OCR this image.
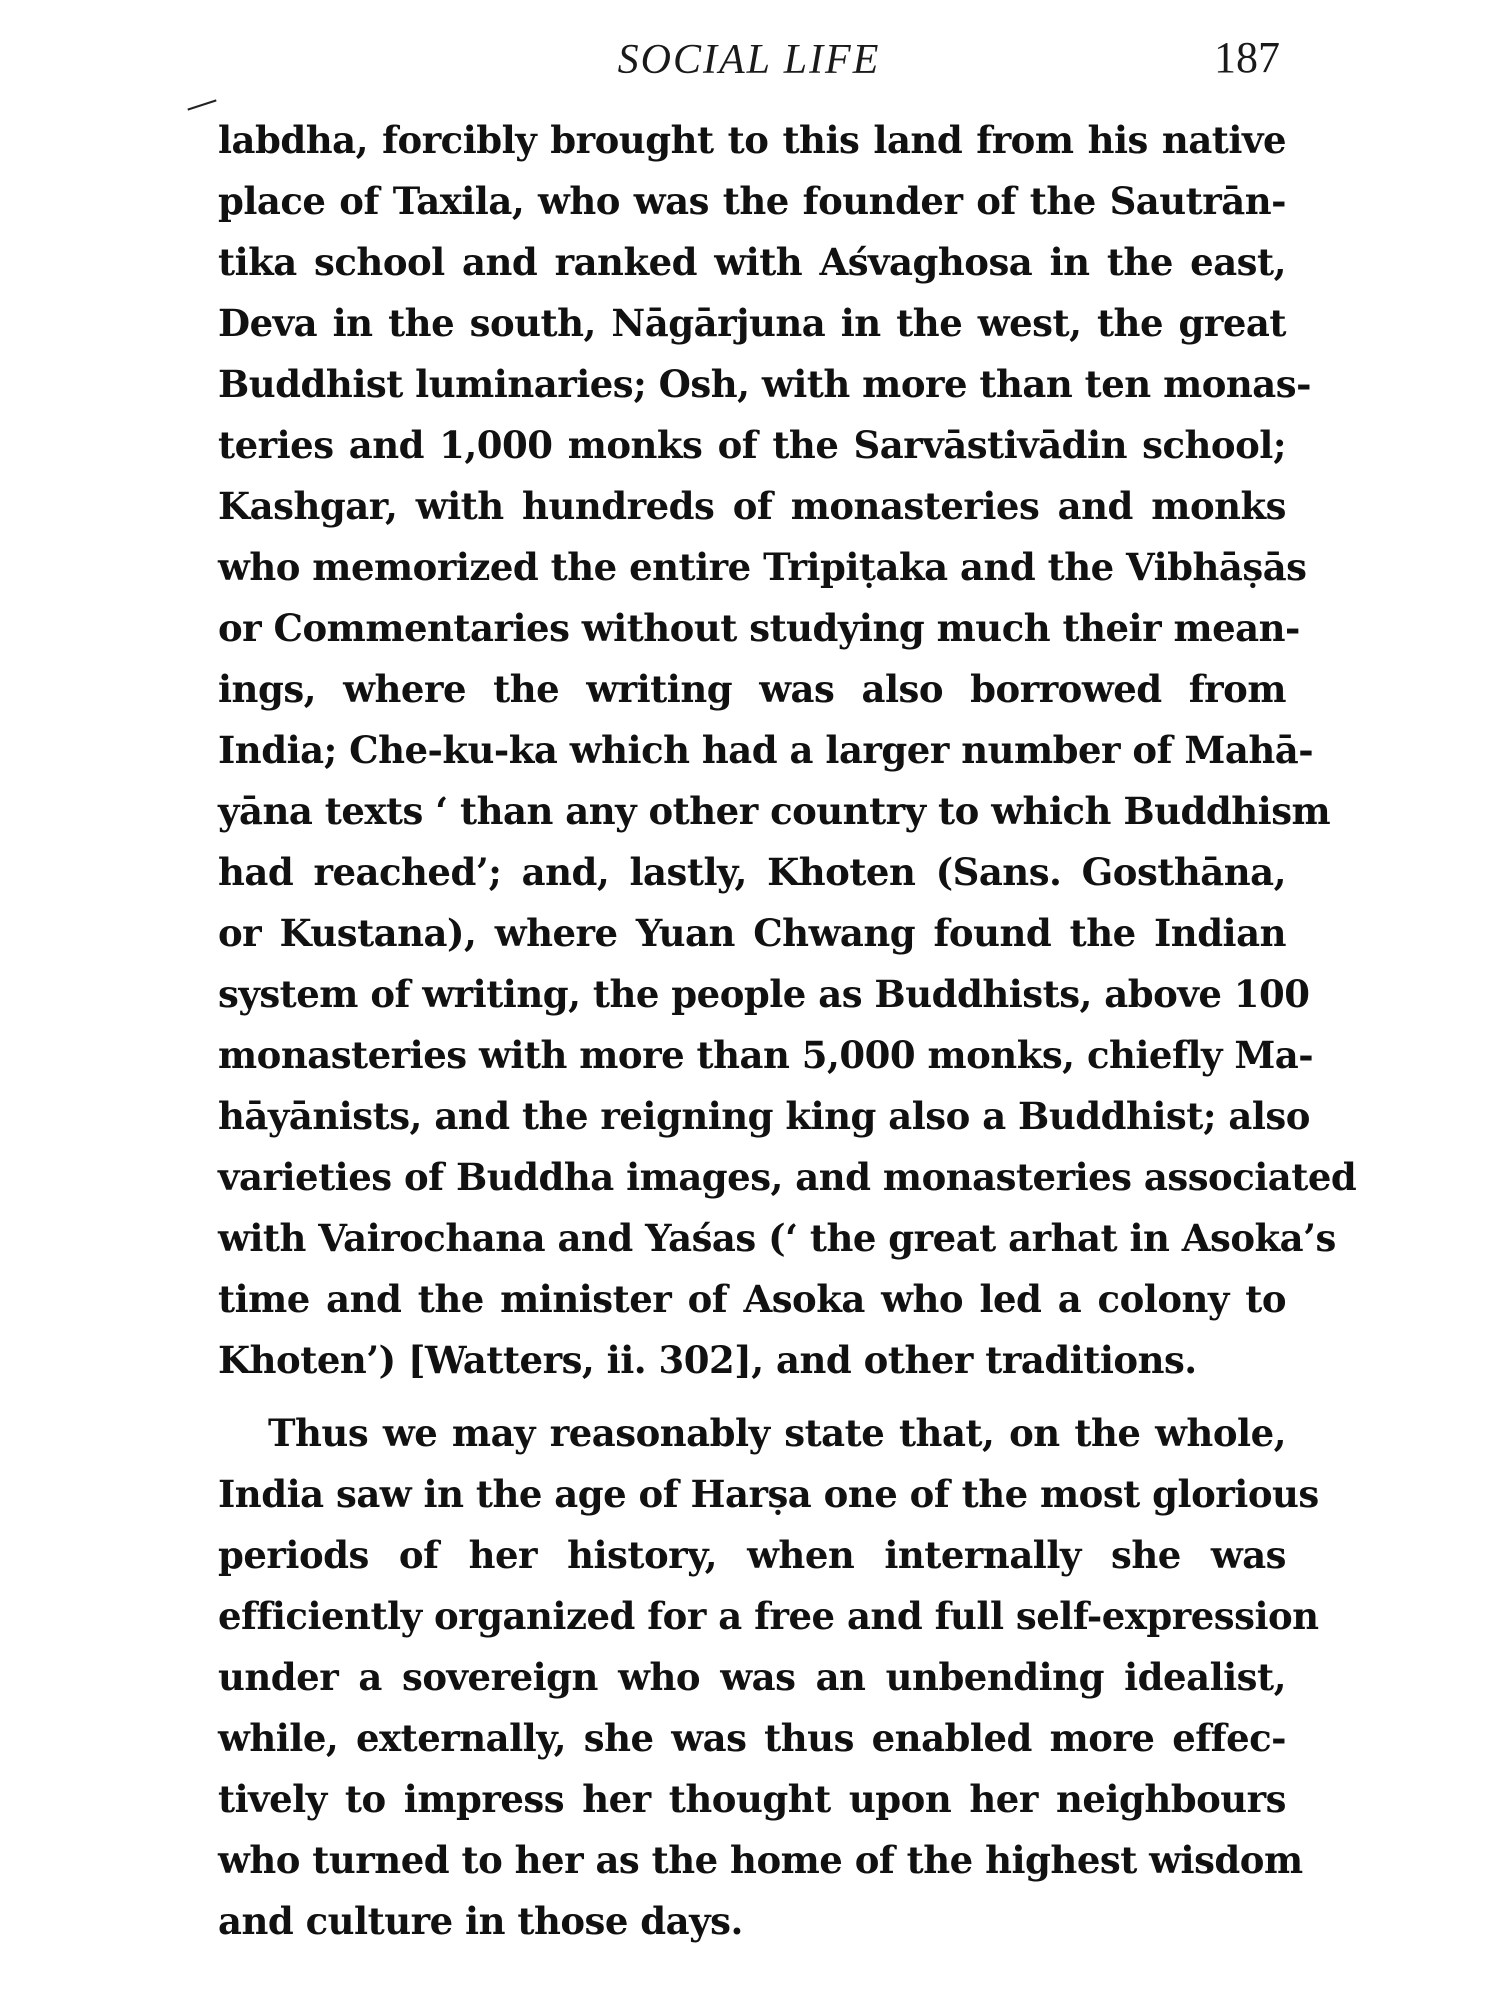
SOCIAL LIFE	187
labdha, forcibly brought to this land from his native
place of Taxila, who was the founder of the Sautrān-
tika school and ranked with Aśvaghosa in the east,
Deva in the south, Nāgārjuna in the west, the great
Buddhist luminaries; Osh, with more than ten monas-
teries and 1,000 monks of the Sarvāstivādin school;
Kashgar, with hundreds of monasteries and monks
who memorized the entire Tripiṭaka and the Vibhāṣās
or Commentaries without studying much their mean-
ings, where the writing was also borrowed from
India; Che-ku-ka which had a larger number of Mahā-
yāna texts ‘ than any other country to which Buddhism
had reached’; and, lastly, Khoten (Sans. Gosthāna,
or Kustana), where Yuan Chwang found the Indian
system of writing, the people as Buddhists, above 100
monasteries with more than 5,000 monks, chiefly Ma-
hāyānists, and the reigning king also a Buddhist; also
varieties of Buddha images, and monasteries associated
with Vairochana and Yaśas (‘ the great arhat in Asoka’s
time and the minister of Asoka who led a colony to
Khoten’) [Watters, ii. 302], and other traditions.
Thus we may reasonably state that, on the whole,
India saw in the age of Harṣa one of the most glorious
periods of her history, when internally she was
efficiently organized for a free and full self-expression
under a sovereign who was an unbending idealist,
while, externally, she was thus enabled more effec-
tively to impress her thought upon her neighbours
who turned to her as the home of the highest wisdom
and culture in those days.
